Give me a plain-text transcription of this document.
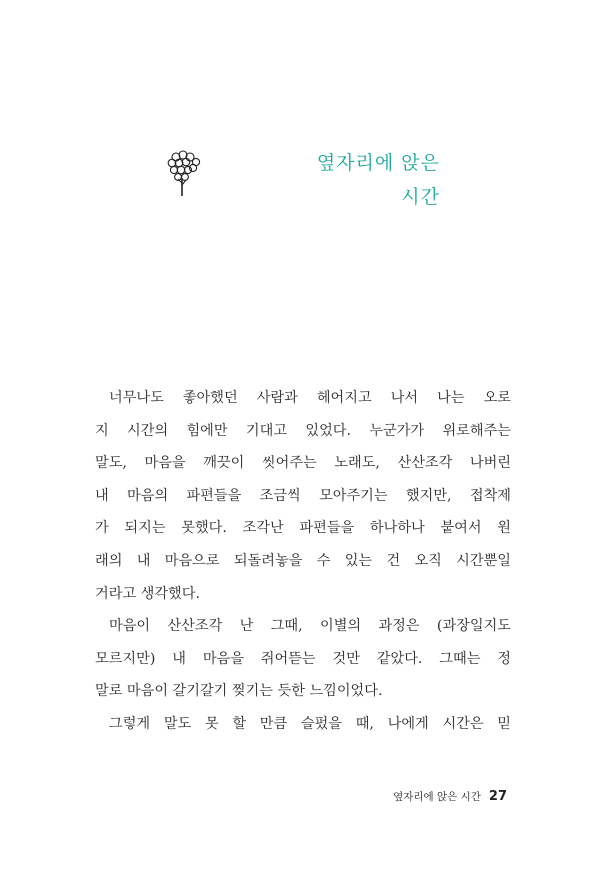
옆자리에 앉은
시간

너무나도 좋아했던 사람과 헤어지고 나서 나는 오로
지 시간의 힘에만 기대고 있었다. 누군가가 위로해주는
말도, 마음을 깨끗이 씻어주는 노래도, 산산조각 나버린
내 마음의 파편들을 조금씩 모아주기는 했지만, 접착제
가 되지는 못했다. 조각난 파편들을 하나하나 붙여서 원
래의 내 마음으로 되돌려놓을 수 있는 건 오직 시간뿐일
거라고 생각했다.

마음이 산산조각 난 그때, 이별의 과정은 (과장일지도
모르지만) 내 마음을 쥐어뜯는 것만 같았다. 그때는 정
말로 마음이 갈기갈기 찢기는 듯한 느낌이었다.

그렇게 말도 못 할 만큼 슬펐을 때, 나에게 시간은 믿

옆자리에 앉은 시간 27
